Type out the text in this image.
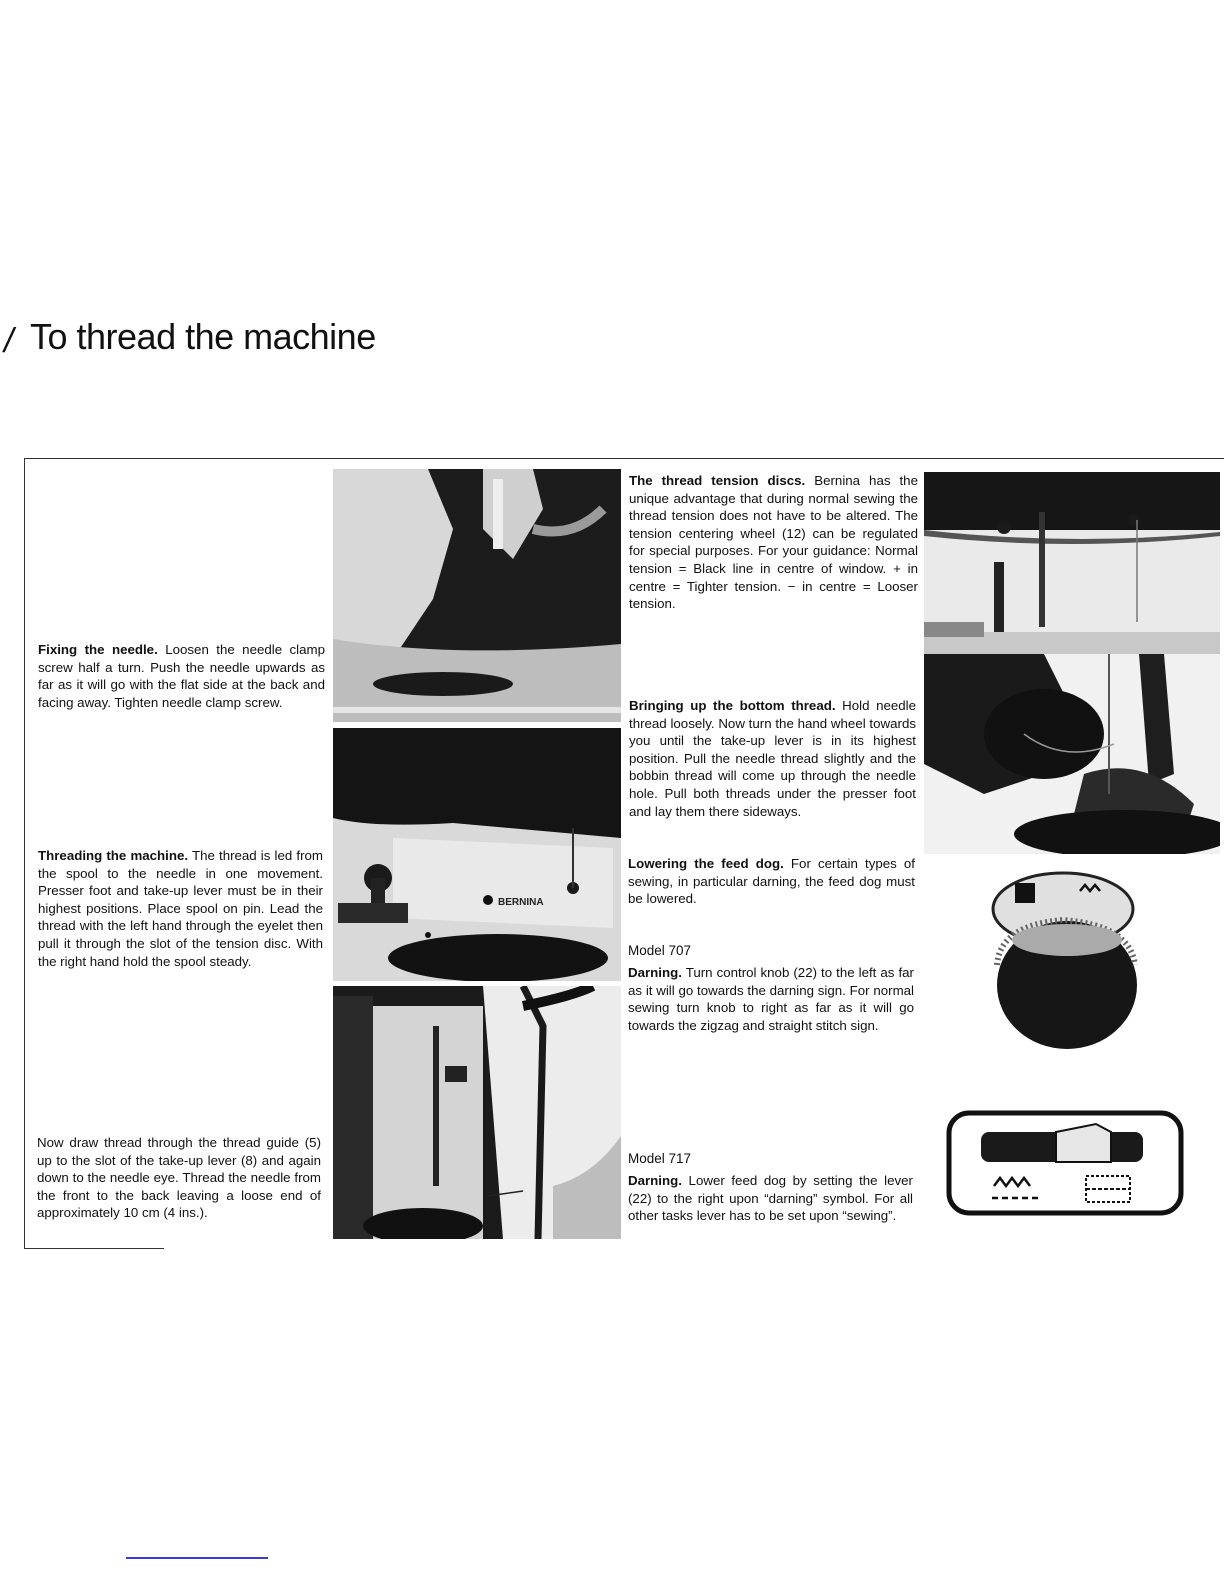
/ To thread the machine
Fixing the needle. Loosen the needle clamp screw half a turn. Push the needle upwards as far as it will go with the flat side at the back and facing away. Tighten needle clamp screw.
Threading the machine. The thread is led from the spool to the needle in one movement. Presser foot and take-up lever must be in their highest positions. Place spool on pin. Lead the thread with the left hand through the eyelet then pull it through the slot of the tension disc. With the right hand hold the spool steady.
Now draw thread through the thread guide (5) up to the slot of the take-up lever (8) and again down to the needle eye. Thread the needle from the front to the back leaving a loose end of approximately 10 cm (4 ins.).
BERNINA
The thread tension discs. Bernina has the unique advantage that during normal sewing the thread tension does not have to be altered. The tension centering wheel (12) can be regulated for special purposes. For your guidance: Normal tension = Black line in centre of window. + in centre = Tighter tension. − in centre = Looser tension.
Bringing up the bottom thread. Hold needle thread loosely. Now turn the hand wheel towards you until the take-up lever is in its highest position. Pull the needle thread slightly and the bobbin thread will come up through the needle hole. Pull both threads under the presser foot and lay them there sideways.
Lowering the feed dog. For certain types of sewing, in particular darning, the feed dog must be lowered.
Model 707
Darning. Turn control knob (22) to the left as far as it will go towards the darning sign. For normal sewing turn knob to right as far as it will go towards the zigzag and straight stitch sign.
Model 717
Darning. Lower feed dog by setting the lever (22) to the right upon “darning” symbol. For all other tasks lever has to be set upon “sewing”.
